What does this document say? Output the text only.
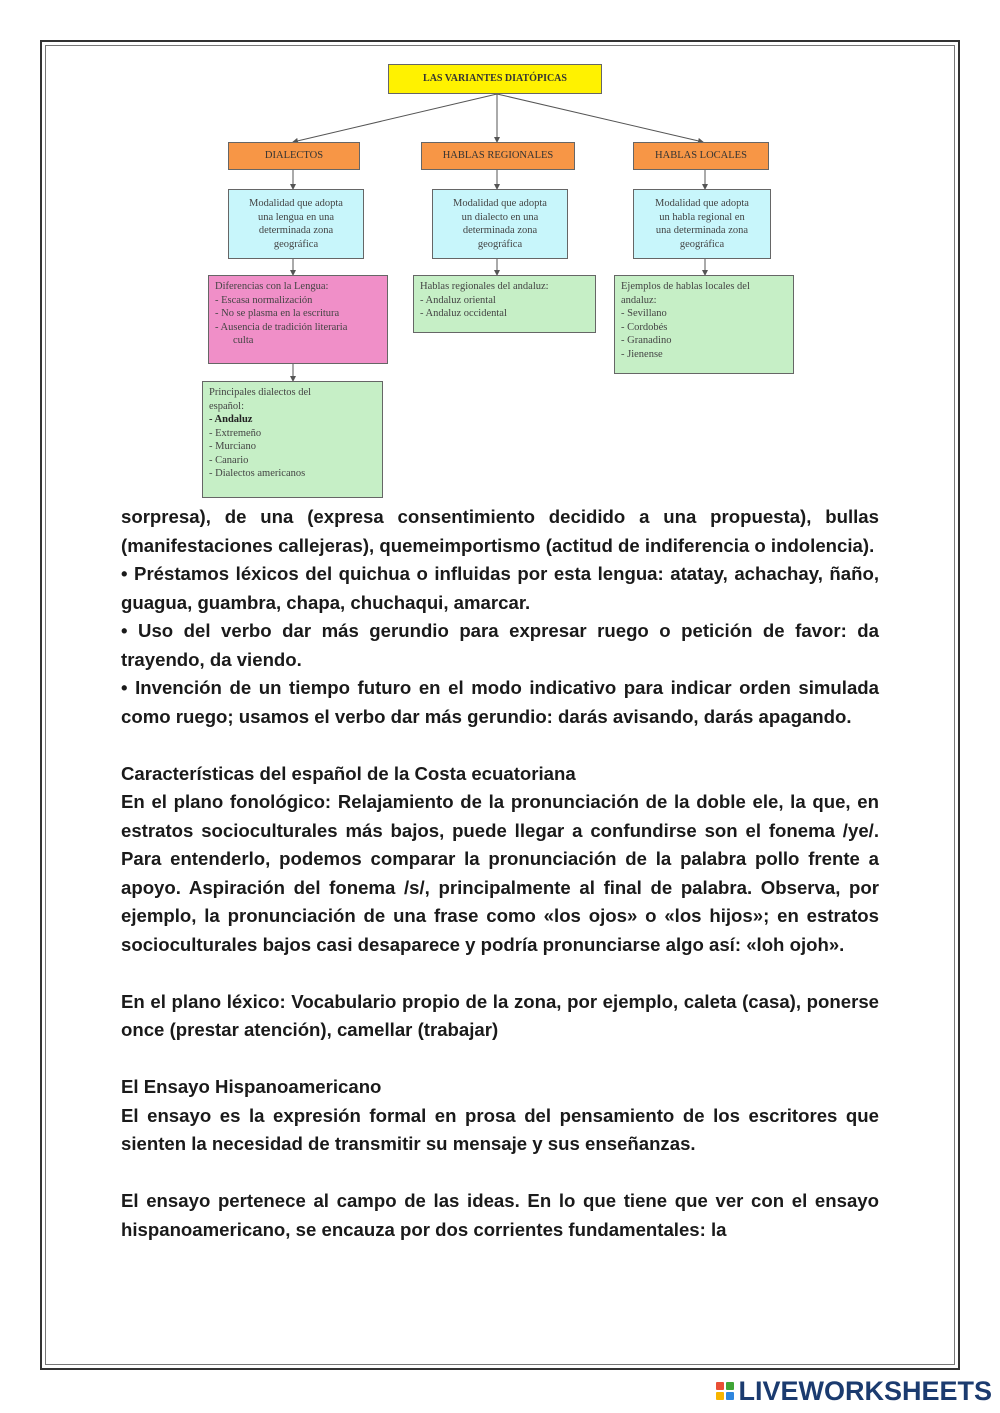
LAS VARIANTES DIATÓPICAS
DIALECTOS	HABLAS REGIONALES	HABLAS LOCALES
Modalidad que adopta
una lengua en una
determinada zona
geográfica
Modalidad que adopta
un dialecto en una
determinada zona
geográfica
Modalidad que adopta
un habla regional en
una determinada zona
geográfica
Diferencias con la Lengua:
- Escasa normalización
- No se plasma en la escritura
- Ausencia de tradición literaria
culta
Hablas regionales del andaluz:
- Andaluz oriental
- Andaluz occidental
Ejemplos de hablas locales del
andaluz:
- Sevillano
- Cordobés
- Granadino
- Jienense
Principales dialectos del
español:
- Andaluz
- Extremeño
- Murciano
- Canario
- Dialectos americanos

sorpresa), de una (expresa consentimiento decidido a una propuesta), bullas (manifestaciones callejeras), quemeimportismo (actitud de indiferencia o indolencia).

• Préstamos léxicos del quichua o influidas por esta lengua: atatay, achachay, ñaño, guagua, guambra, chapa, chuchaqui, amarcar.

• Uso del verbo dar más gerundio para expresar ruego o petición de favor: da trayendo, da viendo.

• Invención de un tiempo futuro en el modo indicativo para indicar orden simulada como ruego; usamos el verbo dar más gerundio: darás avisando, darás apagando.

Características del español de la Costa ecuatoriana

En el plano fonológico: Relajamiento de la pronunciación de la doble ele, la que, en estratos socioculturales más bajos, puede llegar a confundirse son el fonema /ye/. Para entenderlo, podemos comparar la pronunciación de la palabra pollo frente a apoyo. Aspiración del fonema /s/, principalmente al final de palabra. Observa, por ejemplo, la pronunciación de una frase como «los ojos» o «los hijos»; en estratos socioculturales bajos casi desaparece y podría pronunciarse algo así: «loh ojoh».

En el plano léxico: Vocabulario propio de la zona, por ejemplo, caleta (casa), ponerse once (prestar atención), camellar (trabajar)

El Ensayo Hispanoamericano

El ensayo es la expresión formal en prosa del pensamiento de los escritores que sienten la necesidad de transmitir su mensaje y sus enseñanzas.

El ensayo pertenece al campo de las ideas. En lo que tiene que ver con el ensayo hispanoamericano, se encauza por dos corrientes fundamentales: la

LIVEWORKSHEETS
